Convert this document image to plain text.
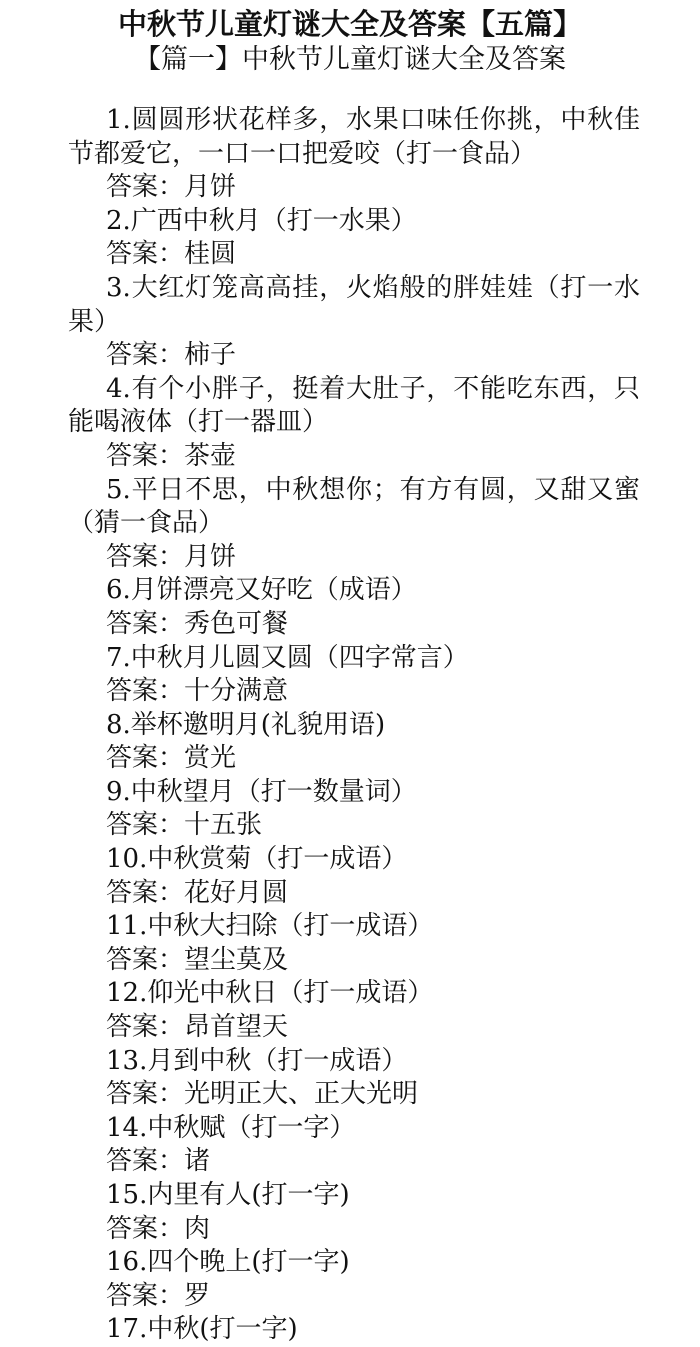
中秋节儿童灯谜大全及答案【五篇】
【篇一】中秋节儿童灯谜大全及答案

1.圆圆形状花样多，水果口味任你挑，中秋佳节都爱它，一口一口把爱咬（打一食品）

答案：月饼

2.广西中秋月（打一水果）

答案：桂圆

3.大红灯笼高高挂，火焰般的胖娃娃（打一水果）

答案：柿子

4.有个小胖子，挺着大肚子，不能吃东西，只能喝液体（打一器皿）

答案：茶壶

5.平日不思，中秋想你；有方有圆，又甜又蜜（猜一食品）

答案：月饼

6.月饼漂亮又好吃（成语）

答案：秀色可餐

7.中秋月儿圆又圆（四字常言）

答案：十分满意

8.举杯邀明月(礼貌用语)

答案：赏光

9.中秋望月（打一数量词）

答案：十五张

10.中秋赏菊（打一成语）

答案：花好月圆

11.中秋大扫除（打一成语）

答案：望尘莫及

12.仰光中秋日（打一成语）

答案：昂首望天

13.月到中秋（打一成语）

答案：光明正大、正大光明

14.中秋赋（打一字）

答案：诸

15.内里有人(打一字)

答案：肉

16.四个晚上(打一字)

答案：罗

17.中秋(打一字)
